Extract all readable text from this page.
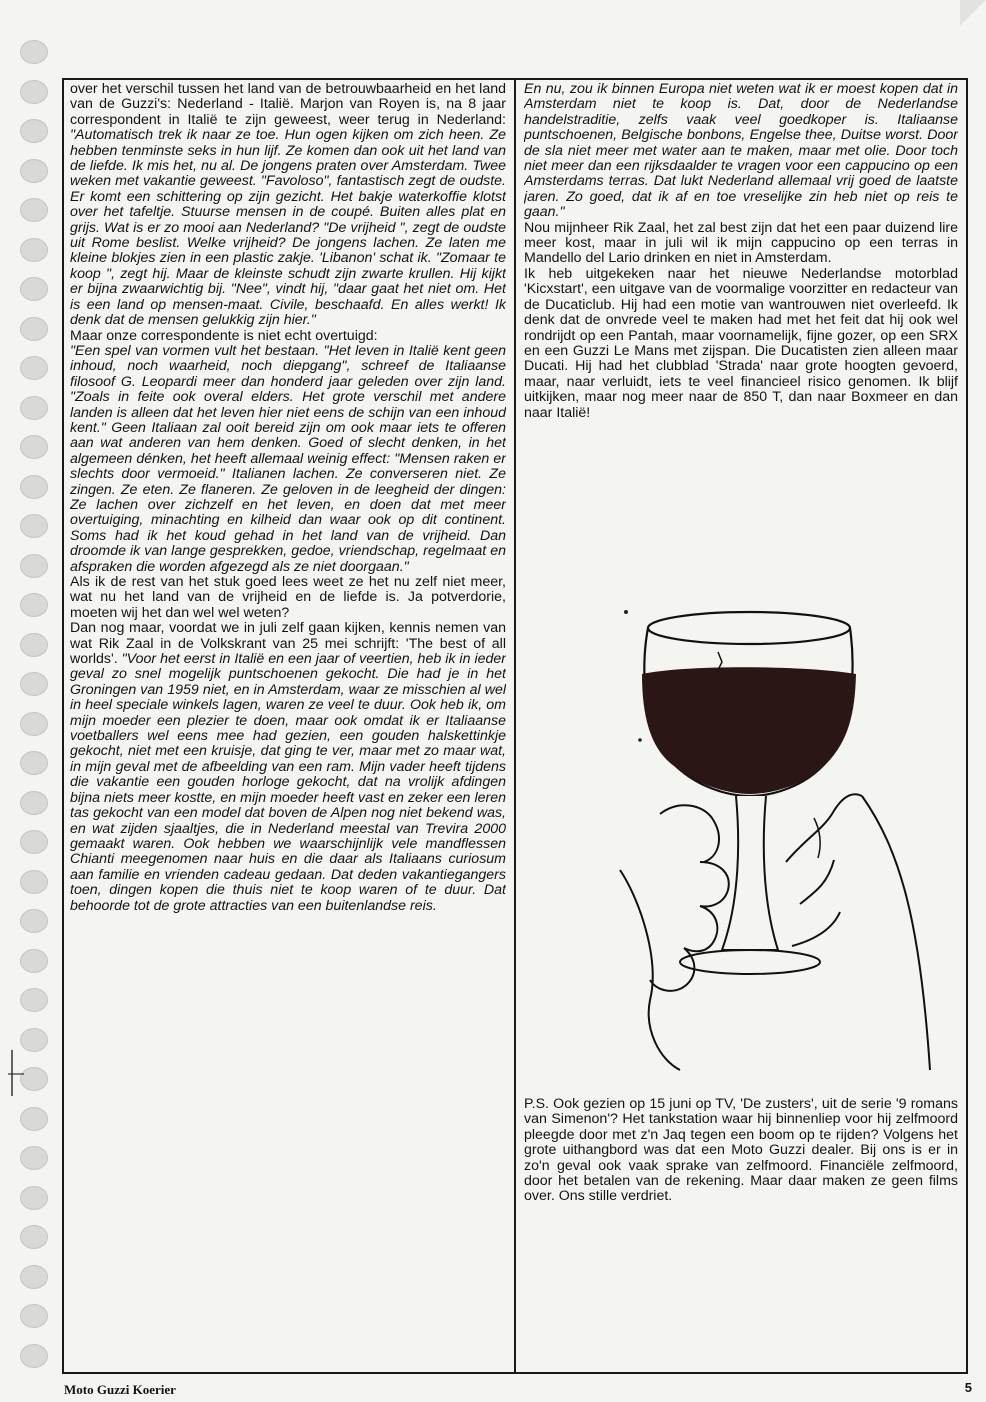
over het verschil tussen het land van de betrouwbaarheid en het land van de Guzzi's: Nederland - Italië. Marjon van Royen is, na 8 jaar correspondent in Italië te zijn geweest, weer terug in Nederland: "Automatisch trek ik naar ze toe. Hun ogen kijken om zich heen. Ze hebben tenminste seks in hun lijf. Ze komen dan ook uit het land van de liefde. Ik mis het, nu al. De jongens praten over Amsterdam. Twee weken met vakantie geweest. "Favoloso", fantastisch zegt de oudste. Er komt een schittering op zijn gezicht. Het bakje waterkoffie klotst over het tafeltje. Stuurse mensen in de coupé. Buiten alles plat en grijs. Wat is er zo mooi aan Nederland? "De vrijheid ", zegt de oudste uit Rome beslist. Welke vrijheid? De jongens lachen. Ze laten me kleine blokjes zien in een plastic zakje. 'Libanon' schat ik. "Zomaar te koop ", zegt hij. Maar de kleinste schudt zijn zwarte krullen. Hij kijkt er bijna zwaarwichtig bij. "Nee", vindt hij, "daar gaat het niet om. Het is een land op mensen-maat. Civile, beschaafd. En alles werkt! Ik denk dat de mensen gelukkig zijn hier."

Maar onze correspondente is niet echt overtuigd:

"Een spel van vormen vult het bestaan. "Het leven in Italië kent geen inhoud, noch waarheid, noch diepgang", schreef de Italiaanse filosoof G. Leopardi meer dan honderd jaar geleden over zijn land. "Zoals in feite ook overal elders. Het grote verschil met andere landen is alleen dat het leven hier niet eens de schijn van een inhoud kent." Geen Italiaan zal ooit bereid zijn om ook maar iets te offeren aan wat anderen van hem denken. Goed of slecht denken, in het algemeen dénken, het heeft allemaal weinig effect: "Mensen raken er slechts door vermoeid." Italianen lachen. Ze converseren niet. Ze zingen. Ze eten. Ze flaneren. Ze geloven in de leegheid der dingen: Ze lachen over zichzelf en het leven, en doen dat met meer overtuiging, minachting en kilheid dan waar ook op dit continent. Soms had ik het koud gehad in het land van de vrijheid. Dan droomde ik van lange gesprekken, gedoe, vriendschap, regelmaat en afspraken die worden afgezegd als ze niet doorgaan."

Als ik de rest van het stuk goed lees weet ze het nu zelf niet meer, wat nu het land van de vrijheid en de liefde is. Ja potverdorie, moeten wij het dan wel wel weten?

Dan nog maar, voordat we in juli zelf gaan kijken, kennis nemen van wat Rik Zaal in de Volkskrant van 25 mei schrijft: 'The best of all worlds'. "Voor het eerst in Italië en een jaar of veertien, heb ik in ieder geval zo snel mogelijk puntschoenen gekocht. Die had je in het Groningen van 1959 niet, en in Amsterdam, waar ze misschien al wel in heel speciale winkels lagen, waren ze veel te duur. Ook heb ik, om mijn moeder een plezier te doen, maar ook omdat ik er Italiaanse voetballers wel eens mee had gezien, een gouden halskettinkje gekocht, niet met een kruisje, dat ging te ver, maar met zo maar wat, in mijn geval met de afbeelding van een ram. Mijn vader heeft tijdens die vakantie een gouden horloge gekocht, dat na vrolijk afdingen bijna niets meer kostte, en mijn moeder heeft vast en zeker een leren tas gekocht van een model dat boven de Alpen nog niet bekend was, en wat zijden sjaaltjes, die in Nederland meestal van Trevira 2000 gemaakt waren. Ook hebben we waarschijnlijk vele mandflessen Chianti meegenomen naar huis en die daar als Italiaans curiosum aan familie en vrienden cadeau gedaan. Dat deden vakantiegangers toen, dingen kopen die thuis niet te koop waren of te duur. Dat behoorde tot de grote attracties van een buitenlandse reis.

En nu, zou ik binnen Europa niet weten wat ik er moest kopen dat in Amsterdam niet te koop is. Dat, door de Nederlandse handelstraditie, zelfs vaak veel goedkoper is. Italiaanse puntschoenen, Belgische bonbons, Engelse thee, Duitse worst. Door de sla niet meer met water aan te maken, maar met olie. Door toch niet meer dan een rijksdaalder te vragen voor een cappucino op een Amsterdams terras. Dat lukt Nederland allemaal vrij goed de laatste jaren. Zo goed, dat ik af en toe vreselijke zin heb niet op reis te gaan."

Nou mijnheer Rik Zaal, het zal best zijn dat het een paar duizend lire meer kost, maar in juli wil ik mijn cappucino op een terras in Mandello del Lario drinken en niet in Amsterdam.

Ik heb uitgekeken naar het nieuwe Nederlandse motorblad 'Kicxstart', een uitgave van de voormalige voorzitter en redacteur van de Ducaticlub. Hij had een motie van wantrouwen niet overleefd. Ik denk dat de onvrede veel te maken had met het feit dat hij ook wel rondrijdt op een Pantah, maar voornamelijk, fijne gozer, op een SRX en een Guzzi Le Mans met zijspan. Die Ducatisten zien alleen maar Ducati. Hij had het clubblad 'Strada' naar grote hoogten gevoerd, maar, naar verluidt, iets te veel financieel risico genomen. Ik blijf uitkijken, maar nog meer naar de 850 T, dan naar Boxmeer en dan naar Italië!

P.S. Ook gezien op 15 juni op TV, 'De zusters', uit de serie '9 romans van Simenon'? Het tankstation waar hij binnenliep voor hij zelfmoord pleegde door met z'n Jaq tegen een boom op te rijden? Volgens het grote uithangbord was dat een Moto Guzzi dealer. Bij ons is er in zo'n geval ook vaak sprake van zelfmoord. Financiële zelfmoord, door het betalen van de rekening. Maar daar maken ze geen films over. Ons stille verdriet.

Moto Guzzi Koerier	5
